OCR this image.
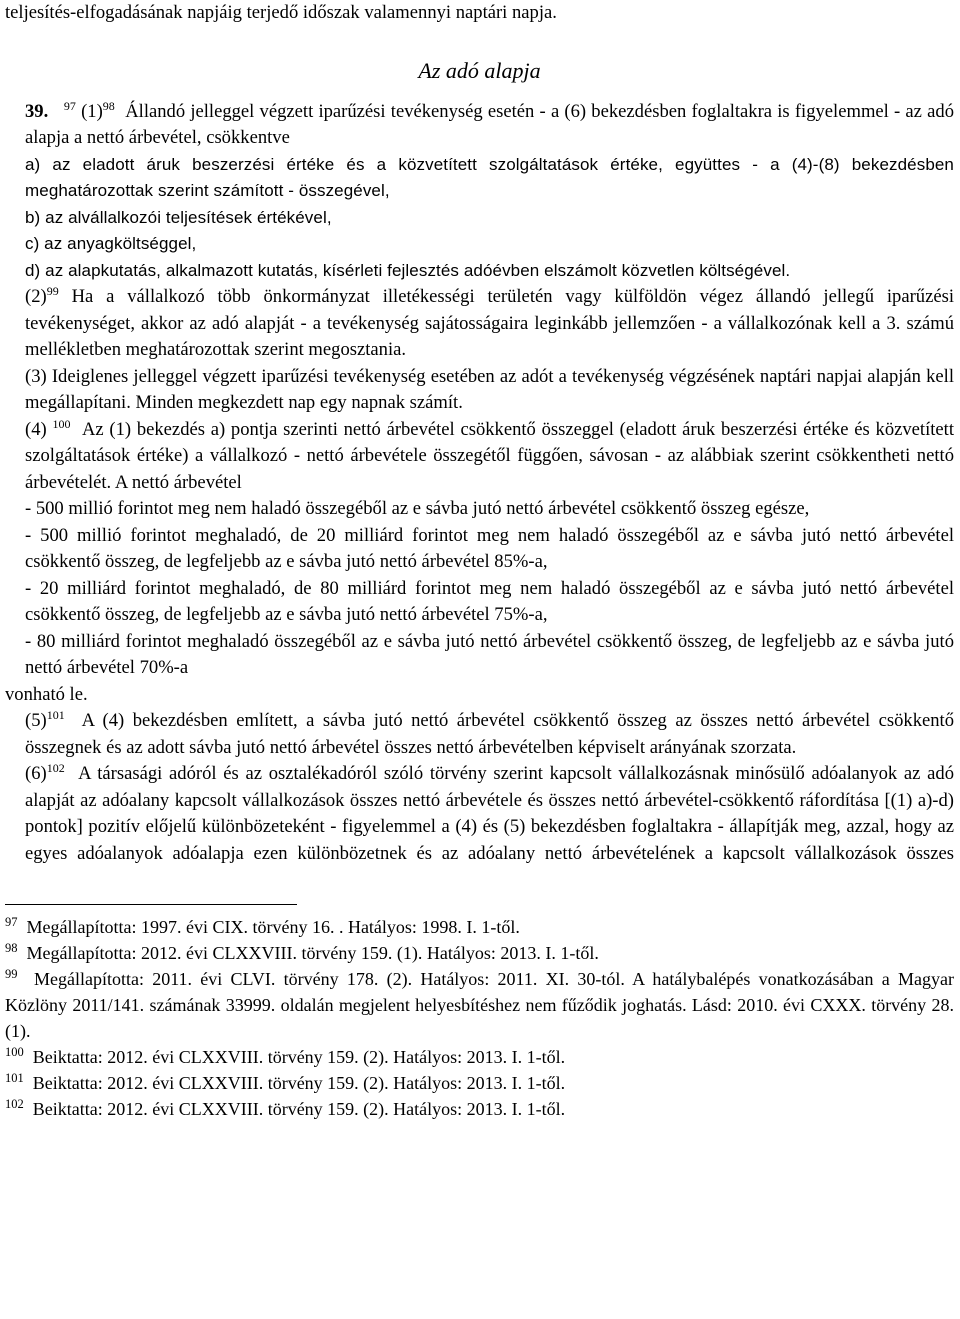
teljesítés-elfogadásának napjáig terjedő időszak valamennyi naptári napja.
Az adó alapja

39. $^{97}$ $(1)^{98}$ Állandó jelleggel végzett iparűzési tevékenység esetén - a (6) bekezdésben foglaltakra is figyelemmel - az adó alapja a nettó árbevétel, csökkentve

a) az eladott áruk beszerzési értéke és a közvetített szolgáltatások értéke, együttes - a (4)-(8) bekezdésben meghatározottak szerint számított - összegével,

b) az alvállalkozói teljesítések értékével,

c) az anyagköltséggel,

d) az alapkutatás, alkalmazott kutatás, kísérleti fejlesztés adóévben elszámolt közvetlen költségével.

$(2)^{99}$ Ha a vállalkozó több önkormányzat illetékességi területén vagy külföldön végez állandó jellegű iparűzési tevékenységet, akkor az adó alapját - a tevékenység sajátosságaira leginkább jellemzően - a vállalkozónak kell a 3. számú mellékletben meghatározottak szerint megosztania.

(3) Ideiglenes jelleggel végzett iparűzési tevékenység esetében az adót a tevékenység végzésének naptári napjai alapján kell megállapítani. Minden megkezdett nap egy napnak számít.

(4) $^{100}$ Az (1) bekezdés a) pontja szerinti nettó árbevétel csökkentő összeggel (eladott áruk beszerzési értéke és közvetített szolgáltatások értéke) a vállalkozó - nettó árbevétele összegétől függően, sávosan - az alábbiak szerint csökkentheti nettó árbevételét. A nettó árbevétel

- 500 millió forintot meg nem haladó összegéből az e sávba jutó nettó árbevétel csökkentő összeg egésze,

- 500 millió forintot meghaladó, de 20 milliárd forintot meg nem haladó összegéből az e sávba jutó nettó árbevétel csökkentő összeg, de legfeljebb az e sávba jutó nettó árbevétel 85%-a,

- 20 milliárd forintot meghaladó, de 80 milliárd forintot meg nem haladó összegéből az e sávba jutó nettó árbevétel csökkentő összeg, de legfeljebb az e sávba jutó nettó árbevétel 75%-a,

- 80 milliárd forintot meghaladó összegéből az e sávba jutó nettó árbevétel csökkentő összeg, de legfeljebb az e sávba jutó nettó árbevétel 70%-a

vonható le.

$(5)^{101}$ A (4) bekezdésben említett, a sávba jutó nettó árbevétel csökkentő összeg az összes nettó árbevétel csökkentő összegnek és az adott sávba jutó nettó árbevétel összes nettó árbevételben képviselt arányának szorzata.

$(6)^{102}$ A társasági adóról és az osztalékadóról szóló törvény szerint kapcsolt vállalkozásnak minősülő adóalanyok az adó alapját az adóalany kapcsolt vállalkozások összes nettó árbevétele és összes nettó árbevétel-csökkentő ráfordítása [(1) a)-d) pontok] pozitív előjelű különbözeteként - figyelemmel a (4) és (5) bekezdésben foglaltakra - állapítják meg, azzal, hogy az egyes adóalanyok adóalapja ezen különbözetnek és az adóalany nettó árbevételének a kapcsolt vállalkozások összes

$^{97}$ Megállapította: 1997. évi CIX. törvény 16. . Hatályos: 1998. I. 1-től.

$^{98}$ Megállapította: 2012. évi CLXXVIII. törvény 159. (1). Hatályos: 2013. I. 1-től.

$^{99}$ Megállapította: 2011. évi CLVI. törvény 178. (2). Hatályos: 2011. XI. 30-tól. A hatálybalépés vonatkozásában a Magyar Közlöny 2011/141. számának 33999. oldalán megjelent helyesbítéshez nem fűződik joghatás. Lásd: 2010. évi CXXX. törvény 28. (1).

$^{100}$ Beiktatta: 2012. évi CLXXVIII. törvény 159. (2). Hatályos: 2013. I. 1-től.

$^{101}$ Beiktatta: 2012. évi CLXXVIII. törvény 159. (2). Hatályos: 2013. I. 1-től.

$^{102}$ Beiktatta: 2012. évi CLXXVIII. törvény 159. (2). Hatályos: 2013. I. 1-től.
